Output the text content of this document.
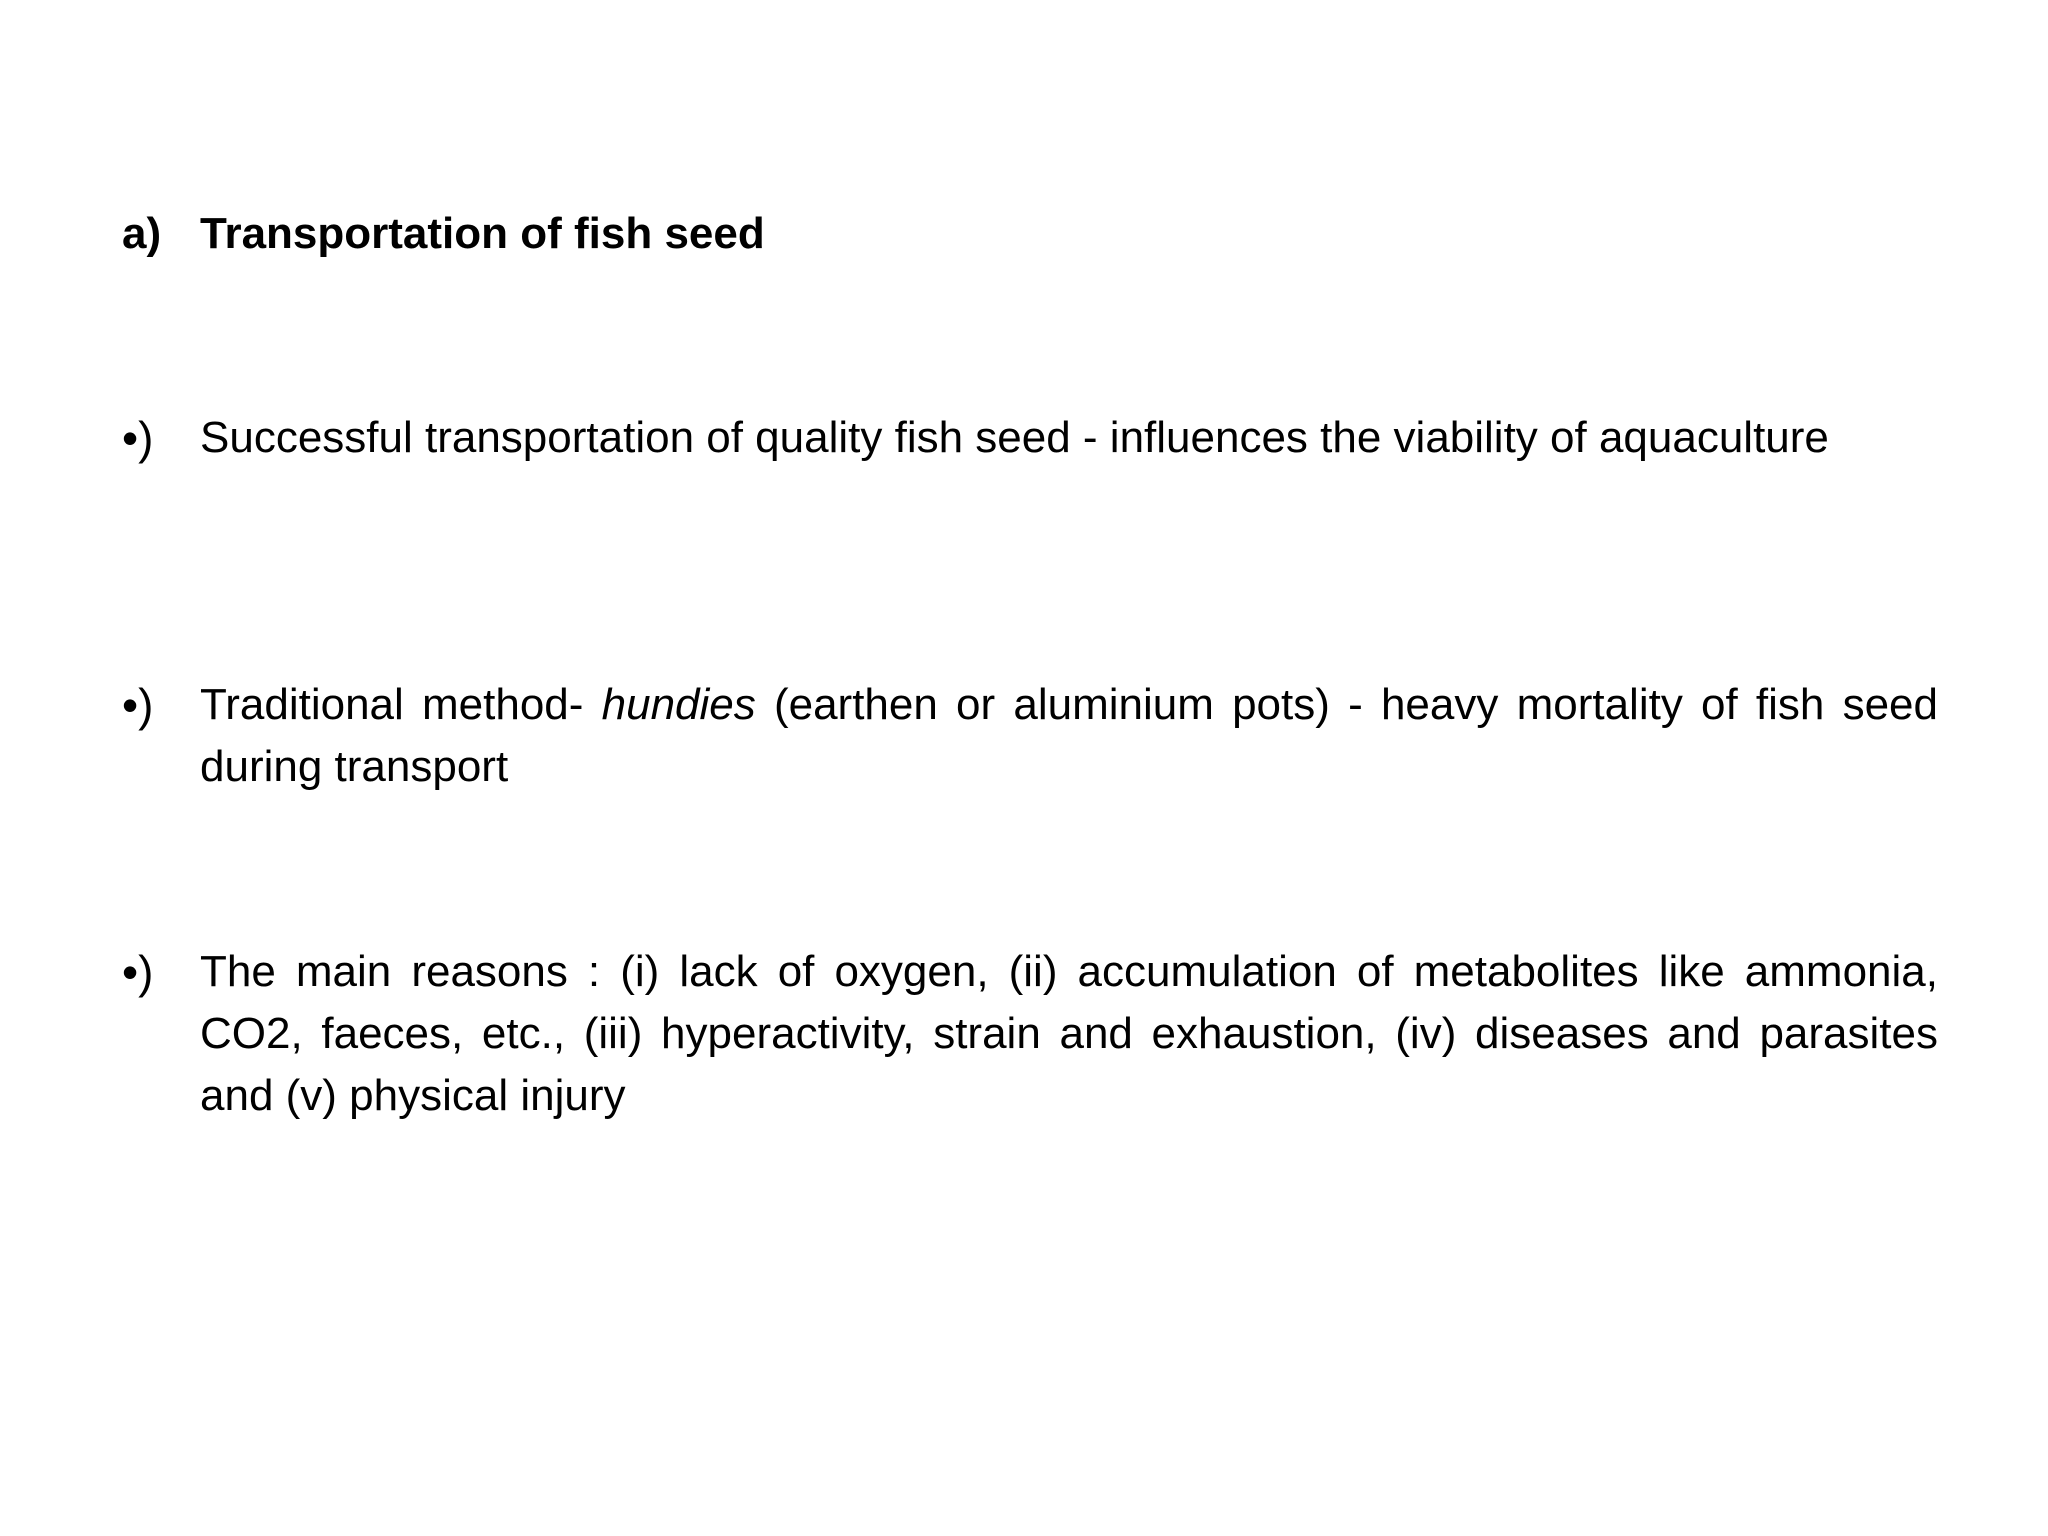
a) Transportation of fish seed
•)	Successful transportation of quality fish seed - influences the viability of aquaculture
•)	Traditional method- hundies (earthen or aluminium pots) - heavy mortality of fish seed during transport
•)	The main reasons : (i) lack of oxygen, (ii) accumulation of metabolites like ammonia, CO2, faeces, etc., (iii) hyperactivity, strain and exhaustion, (iv) diseases and parasites and (v) physical injury
